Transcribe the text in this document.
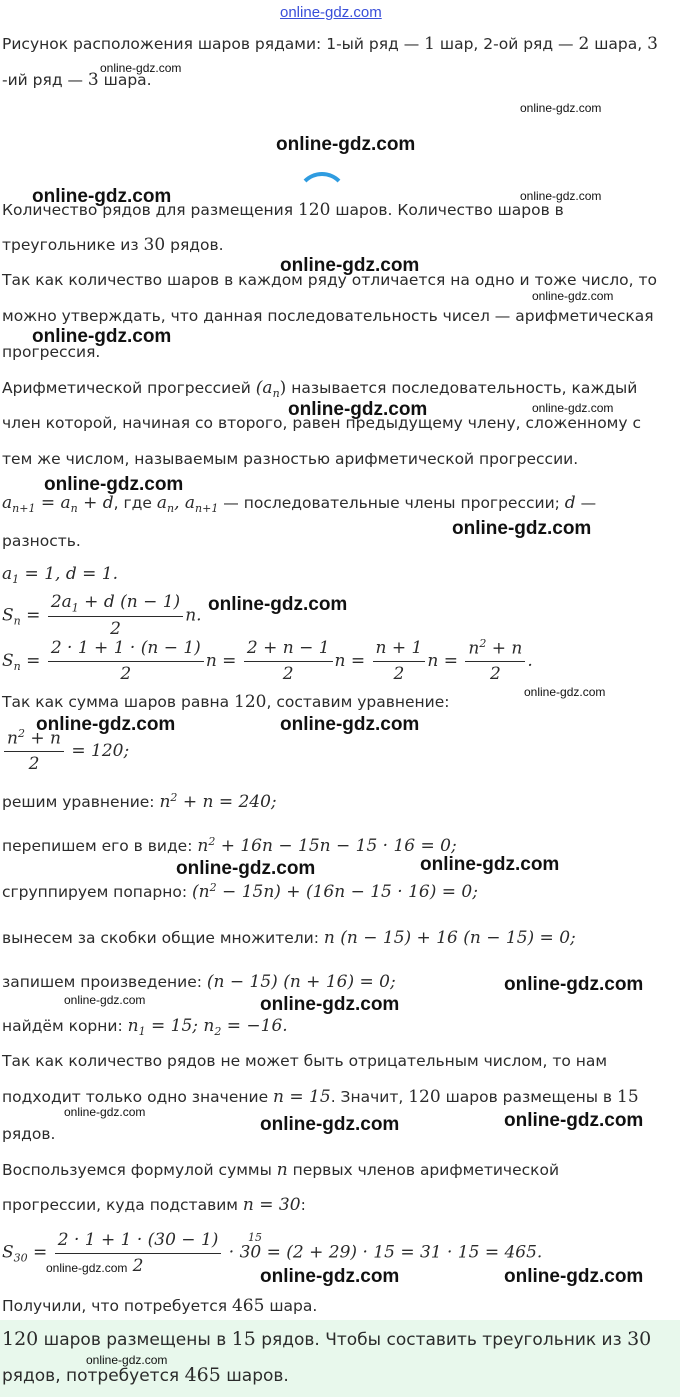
online-gdz.com
Рисунок расположения шаров рядами: 1-ый ряд — 1 шар, 2-ой ряд — 2 шара, 3
-ий ряд — 3 шара.
Количество рядов для размещения 120 шаров. Количество шаров в
треугольнике из 30 рядов.
Так как количество шаров в каждом ряду отличается на одно и тоже число, то
можно утверждать, что данная последовательность чисел — арифметическая
прогрессия.
Арифметической прогрессией $(a_n)$ называется последовательность, каждый
член которой, начиная со второго, равен предыдущему члену, сложенному с
тем же числом, называемым разностью арифметической прогрессии.
$a_{n+1} = a_n + d$, где $a_n$, $a_{n+1}$ — последовательные члены прогрессии; d —
разность.
$a_1 = 1$, d = 1.
$S_n = \frac{2a_1 + d (n - 1)}{2} n$.
$S_n = \frac{2 \cdot 1 + 1 \cdot (n - 1)}{2}$ $n = \frac{2 + n - 1}{2}$ $n = \frac{n + 1}{2}$ $n = \frac{n^2 + n}{2}$ .
Так как сумма шаров равна 120, составим уравнение:
$\frac{n^2 + n}{2} = 120$;
решим уравнение: $n^2 + n = 240$;
перепишем его в виде: $n^2 + 16n - 15n - 15 \cdot 16 = 0$;
сгруппируем попарно: $(n^2 - 15n) + (16n - 15 \cdot 16) = 0$;
вынесем за скобки общие множители: n (n − 15) + 16 (n − 15) = 0;
запишем произведение: (n − 15) (n + 16) = 0;
найдём корни: $n_1 = 15$; $n_2 = -16$.
Так как количество рядов не может быть отрицательным числом, то нам
подходит только одно значение n = 15. Значит, 120 шаров размещены в 15
рядов.
Воспользуемся формулой суммы n первых членов арифметической
прогрессии, куда подставим n = 30:
$S_{30} = \frac{2 \cdot 1 + 1 \cdot (30 - 1)}{2} \cdot 30 = (2 + 29) \cdot 15 = 31 \cdot 15 = 465$.
15
Получили, что потребуется 465 шара.
120 шаров размещены в 15 рядов. Чтобы составить треугольник из 30
рядов, потребуется 465 шаров.
online-gdz.com
online-gdz.com
online-gdz.com
online-gdz.com	online-gdz.com
online-gdz.com
online-gdz.com
online-gdz.com
online-gdz.com	online-gdz.com
online-gdz.com
online-gdz.com
online-gdz.com
online-gdz.com
online-gdz.com	online-gdz.com
online-gdz.com	online-gdz.com
online-gdz.com
online-gdz.com	online-gdz.com
online-gdz.com
online-gdz.com	online-gdz.com
online-gdz.com	online-gdz.com	online-gdz.com
online-gdz.com
